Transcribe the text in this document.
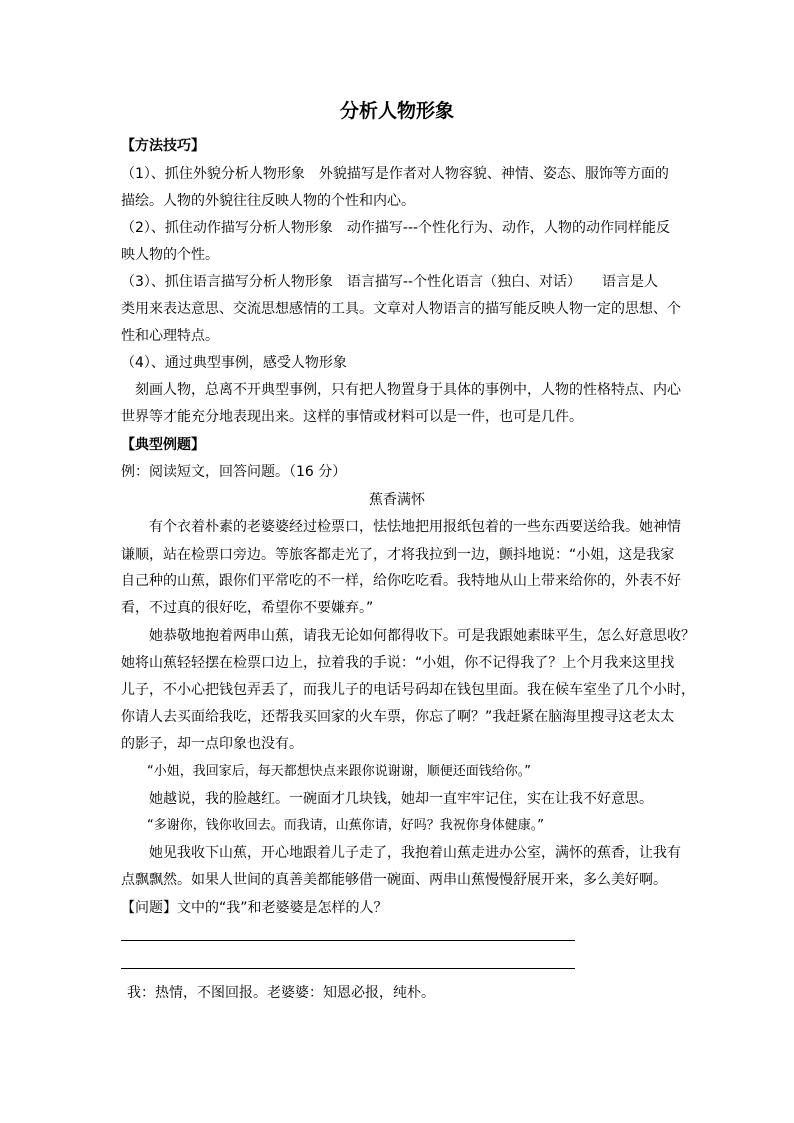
分析人物形象
【方法技巧】
（1）、抓住外貌分析人物形象　外貌描写是作者对人物容貌、神情、姿态、服饰等方面的
描绘。人物的外貌往往反映人物的个性和内心。
（2）、抓住动作描写分析人物形象　动作描写---个性化行为、动作，人物的动作同样能反
映人物的个性。
（3）、抓住语言描写分析人物形象　语言描写--个性化语言（独白、对话）　　语言是人
类用来表达意思、交流思想感情的工具。文章对人物语言的描写能反映人物一定的思想、个
性和心理特点。
（4）、通过典型事例，感受人物形象
　刻画人物，总离不开典型事例，只有把人物置身于具体的事例中，人物的性格特点、内心
世界等才能充分地表现出来。这样的事情或材料可以是一件，也可是几件。
【典型例题】
例：阅读短文，回答问题。（16 分）
蕉香满怀
　　有个衣着朴素的老婆婆经过检票口，怯怯地把用报纸包着的一些东西要送给我。她神情
谦顺，站在检票口旁边。等旅客都走光了，才将我拉到一边，颤抖地说：“小姐，这是我家
自己种的山蕉，跟你们平常吃的不一样，给你吃吃看。我特地从山上带来给你的，外表不好
看，不过真的很好吃，希望你不要嫌弃。”
　　她恭敬地抱着两串山蕉，请我无论如何都得收下。可是我跟她素昧平生，怎么好意思收？
她将山蕉轻轻摆在检票口边上，拉着我的手说：“小姐，你不记得我了？上个月我来这里找
儿子，不小心把钱包弄丢了，而我儿子的电话号码却在钱包里面。我在候车室坐了几个小时，
你请人去买面给我吃，还帮我买回家的火车票，你忘了啊？”我赶紧在脑海里搜寻这老太太
的影子，却一点印象也没有。
　　“小姐，我回家后，每天都想快点来跟你说谢谢，顺便还面钱给你。”
　　她越说，我的脸越红。一碗面才几块钱，她却一直牢牢记住，实在让我不好意思。
　　“多谢你，钱你收回去。而我请，山蕉你请，好吗？我祝你身体健康。”
　　她见我收下山蕉，开心地跟着儿子走了，我抱着山蕉走进办公室，满怀的蕉香，让我有
点飘飘然。如果人世间的真善美都能够借一碗面、两串山蕉慢慢舒展开来，多么美好啊。
【问题】文中的“我”和老婆婆是怎样的人？
我：热情，不图回报。老婆婆：知恩必报，纯朴。
